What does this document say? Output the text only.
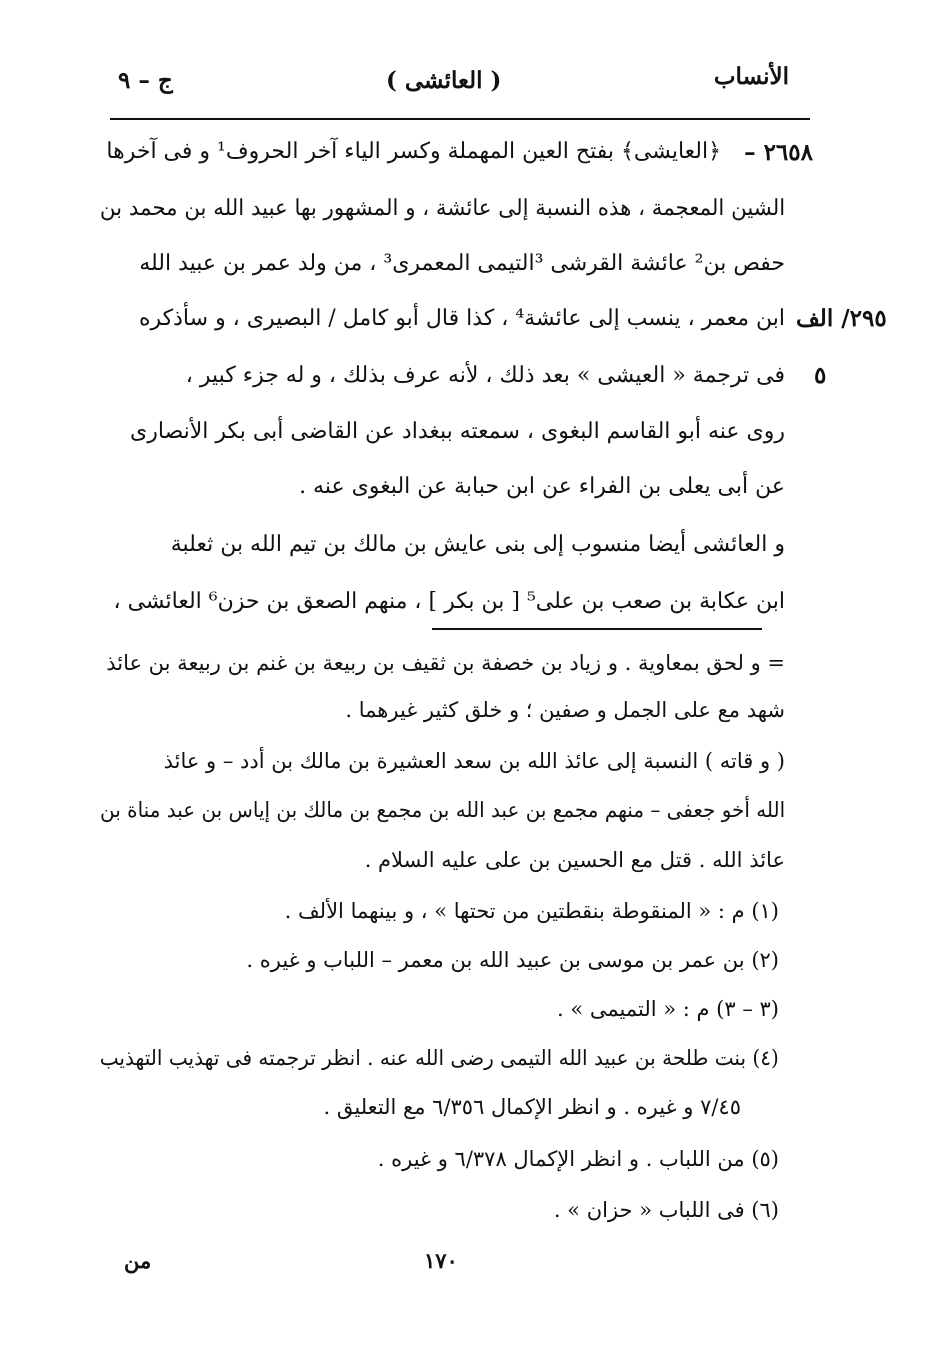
الأنساب
( العائشى )
ج – ٩
٢٩٥/ الف
٥
٢٦٥٨ –
﴿العايشى﴾ بفتح العين المهملة وكسر الياء آخر الحروف¹ و فى آخرها
الشين المعجمة ، هذه النسبة إلى عائشة ، و المشهور بها عبيد الله بن محمد بن
حفص بن² عائشة القرشى ³التيمى المعمرى³ ، من ولد عمر بن عبيد الله
ابن معمر ، ينسب إلى عائشة⁴ ، كذا قال أبو كامل / البصيرى ، و سأذكره
فى ترجمة « العيشى » بعد ذلك ، لأنه عرف بذلك ، و له جزء كبير ،
روى عنه أبو القاسم البغوى ، سمعته ببغداد عن القاضى أبى بكر الأنصارى
عن أبى يعلى بن الفراء عن ابن حبابة عن البغوى عنه .
و العائشى أيضا منسوب إلى بنى عايش بن مالك بن تيم الله بن ثعلبة
ابن عكابة بن صعب بن على⁵ [ بن بكر ] ، منهم الصعق بن حزن⁶ العائشى ،
= و لحق بمعاوية . و زياد بن خصفة بن ثقيف بن ربيعة بن غنم بن ربيعة بن عائذ
شهد مع على الجمل و صفين ؛ و خلق كثير غيرهما .
( و قاته ) النسبة إلى عائذ الله بن سعد العشيرة بن مالك بن أدد – و عائذ
الله أخو جعفى – منهم مجمع بن عبد الله بن مجمع بن مالك بن إياس بن عبد مناة بن
عائذ الله . قتل مع الحسين بن على عليه السلام .
(١) م : « المنقوطة بنقطتين من تحتها » ، و بينهما الألف .
(٢) بن عمر بن موسى بن عبيد الله بن معمر – اللباب و غيره .
(٣ – ٣) م : « التميمى » .
(٤) بنت طلحة بن عبيد الله التيمى رضى الله عنه . انظر ترجمته فى تهذيب التهذيب
٧/٤٥ و غيره . و انظر الإكمال ٦/٣٥٦ مع التعليق .
(٥) من اللباب . و انظر الإكمال ٦/٣٧٨ و غيره .
(٦) فى اللباب « حزان » .
١٧٠
من
